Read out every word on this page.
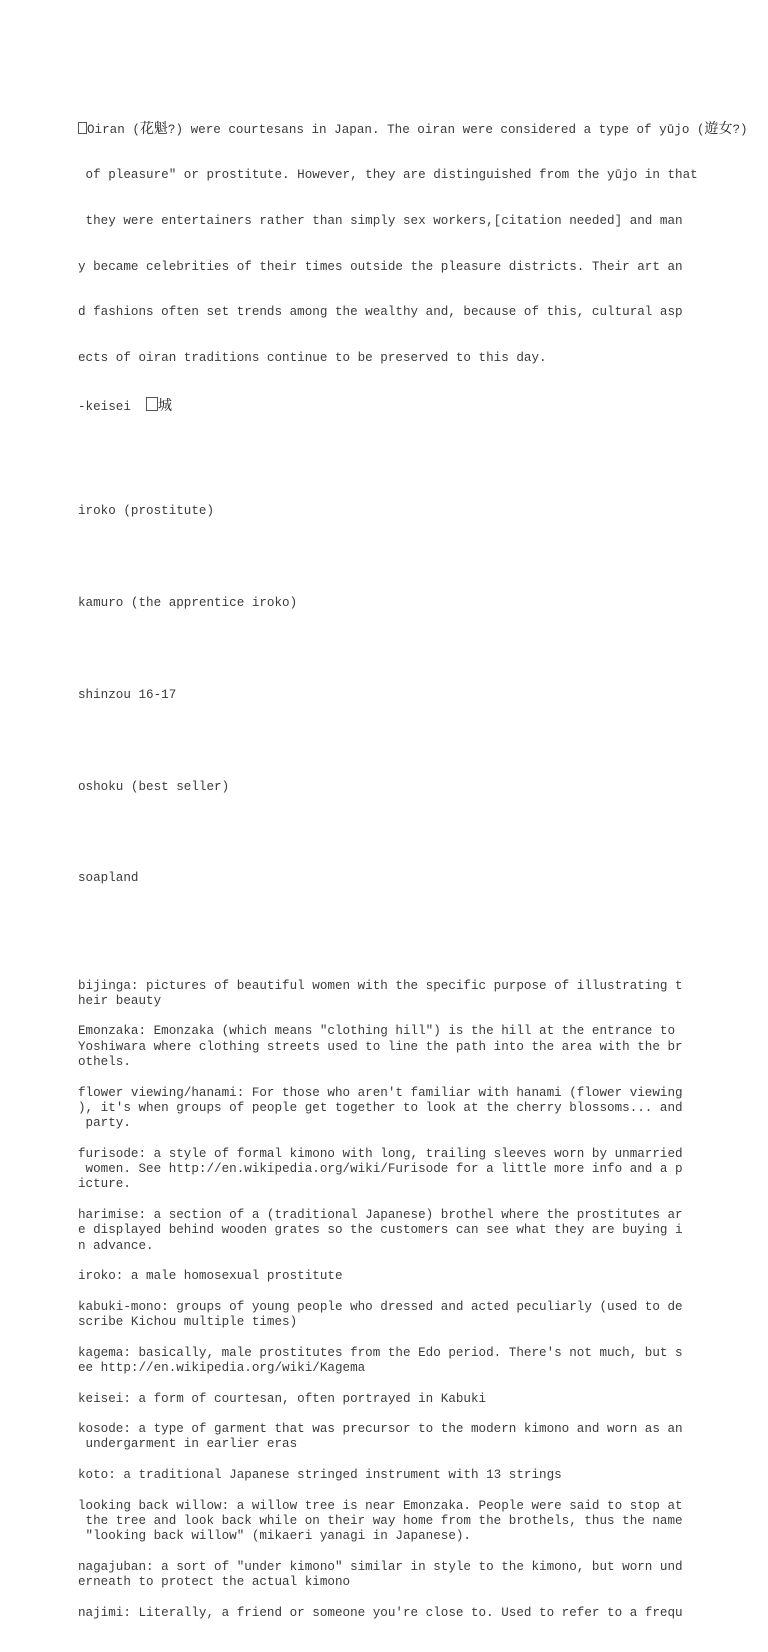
Oiran (花魁?) were courtesans in Japan. The oiran were considered a type of yūjo (遊女?)

of pleasure" or prostitute. However, they are distinguished from the yūjo in that

they were entertainers rather than simply sex workers,[citation needed] and man

y became celebrities of their times outside the pleasure districts. Their art an

d fashions often set trends among the wealthy and, because of this, cultural asp

ects of oiran traditions continue to be preserved to this day.

-keisei  城

iroko (prostitute)

kamuro (the apprentice iroko)

shinzou 16-17

oshoku (best seller)

soapland

bijinga: pictures of beautiful women with the specific purpose of illustrating t
heir beauty
Emonzaka: Emonzaka (which means "clothing hill") is the hill at the entrance to
Yoshiwara where clothing streets used to line the path into the area with the br
othels.
flower viewing/hanami: For those who aren't familiar with hanami (flower viewing
), it's when groups of people get together to look at the cherry blossoms... and
party.
furisode: a style of formal kimono with long, trailing sleeves worn by unmarried
women. See http://en.wikipedia.org/wiki/Furisode for a little more info and a p
icture.
harimise: a section of a (traditional Japanese) brothel where the prostitutes ar
e displayed behind wooden grates so the customers can see what they are buying i
n advance.
iroko: a male homosexual prostitute
kabuki-mono: groups of young people who dressed and acted peculiarly (used to de
scribe Kichou multiple times)
kagema: basically, male prostitutes from the Edo period. There's not much, but s
ee http://en.wikipedia.org/wiki/Kagema
keisei: a form of courtesan, often portrayed in Kabuki
kosode: a type of garment that was precursor to the modern kimono and worn as an
undergarment in earlier eras
koto: a traditional Japanese stringed instrument with 13 strings
looking back willow: a willow tree is near Emonzaka. People were said to stop at
the tree and look back while on their way home from the brothels, thus the name
"looking back willow" (mikaeri yanagi in Japanese).
nagajuban: a sort of "under kimono" similar in style to the kimono, but worn und
erneath to protect the actual kimono
najimi: Literally, a friend or someone you're close to. Used to refer to a frequ
